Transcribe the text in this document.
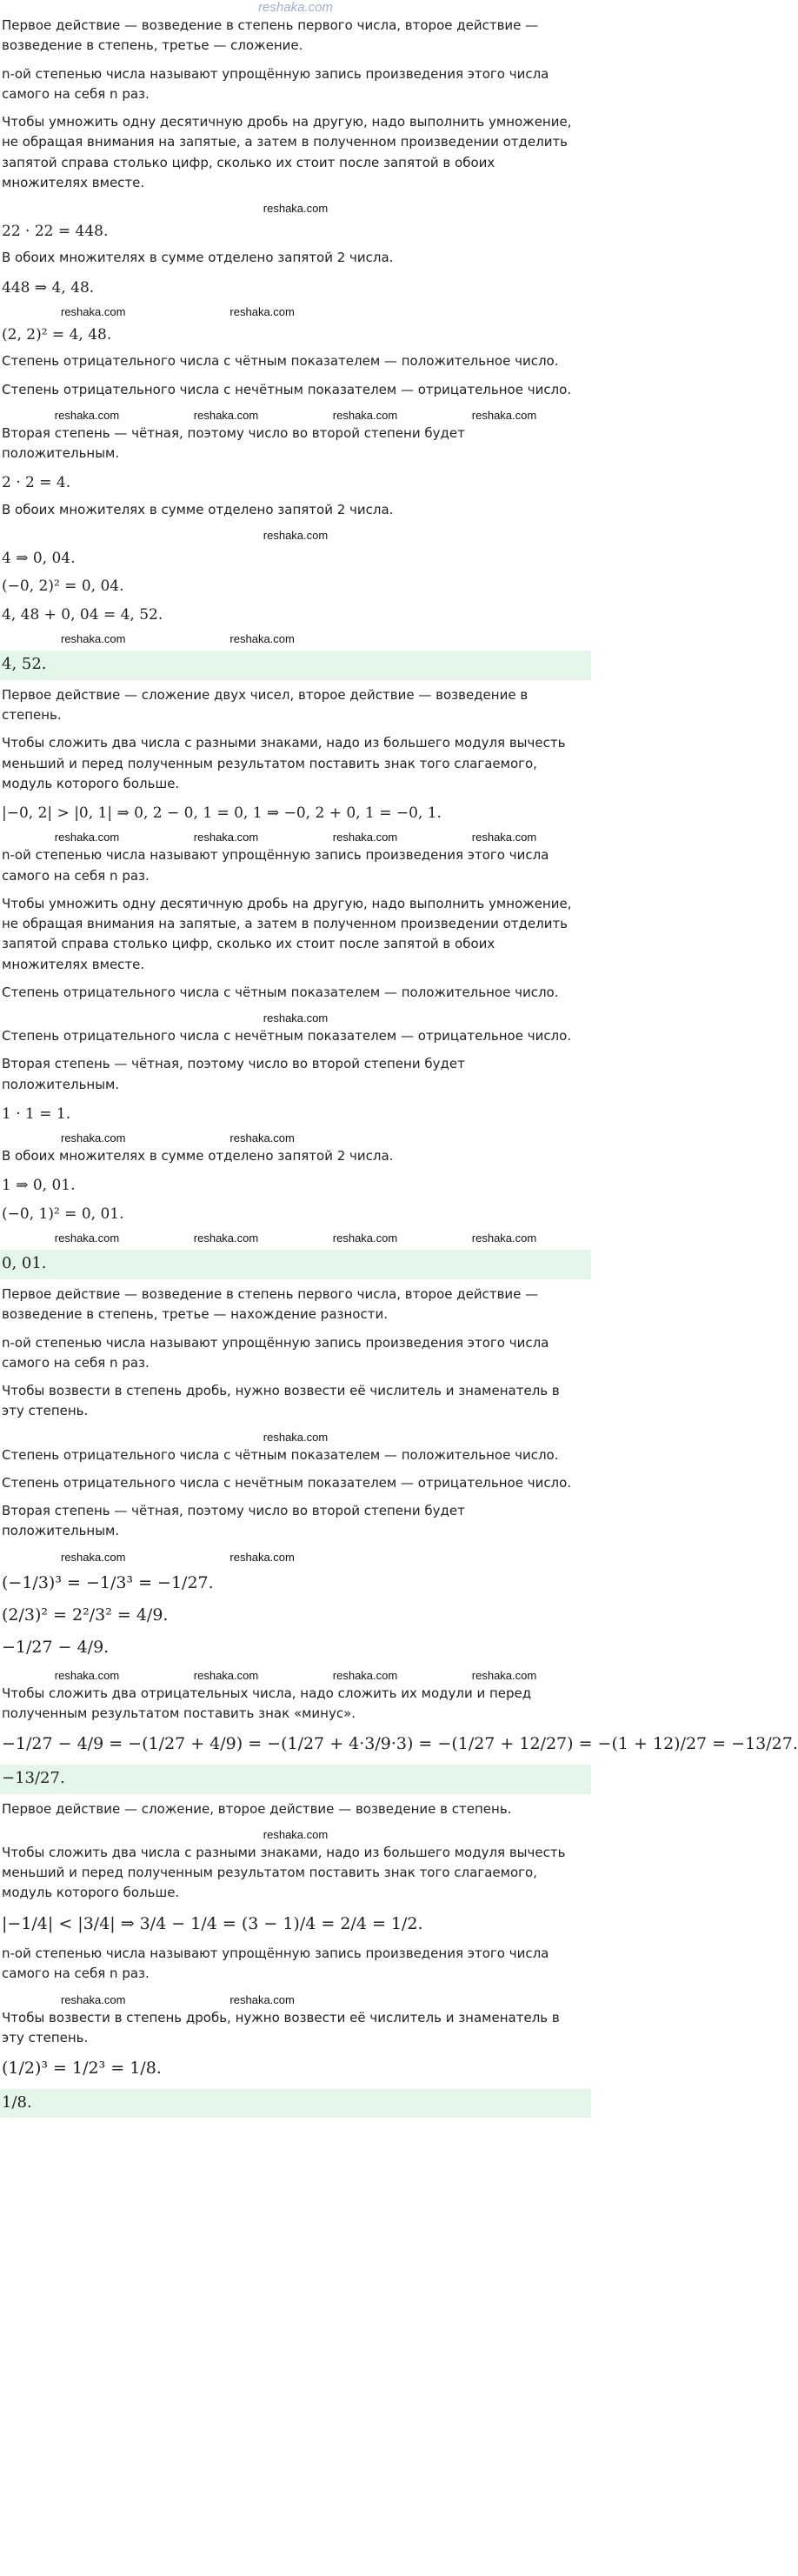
reshaka.com
Первое действие — возведение в степень первого числа, второе действие — возведение в степень, третье — сложение.
n-ой степенью числа называют упрощённую запись произведения этого числа самого на себя n раз.
Чтобы умножить одну десятичную дробь на другую, надо выполнить умножение, не обращая внимания на запятые, а затем в полученном произведении отделить запятой справа столько цифр, сколько их стоит после запятой в обоих множителях вместе.
reshaka.com
22 · 22 = 448.
В обоих множителях в сумме отделено запятой 2 числа.
448 ⇒ 4, 48.
reshaka.com	reshaka.com
(2, 2)² = 4, 48.
Степень отрицательного числа с чётным показателем — положительное число.
Степень отрицательного числа с нечётным показателем — отрицательное число.
reshaka.com	reshaka.com	reshaka.com	reshaka.com
Вторая степень — чётная, поэтому число во второй степени будет положительным.
2 · 2 = 4.
В обоих множителях в сумме отделено запятой 2 числа.
reshaka.com
4 ⇒ 0, 04.
(−0, 2)² = 0, 04.
4, 48 + 0, 04 = 4, 52.
reshaka.com	reshaka.com
4, 52.
Первое действие — сложение двух чисел, второе действие — возведение в степень.
Чтобы сложить два числа с разными знаками, надо из большего модуля вычесть меньший и перед полученным результатом поставить знак того слагаемого, модуль которого больше.
|−0, 2| > |0, 1| ⇒ 0, 2 − 0, 1 = 0, 1 ⇒ −0, 2 + 0, 1 = −0, 1.
reshaka.com	reshaka.com	reshaka.com	reshaka.com
n-ой степенью числа называют упрощённую запись произведения этого числа самого на себя n раз.
Чтобы умножить одну десятичную дробь на другую, надо выполнить умножение, не обращая внимания на запятые, а затем в полученном произведении отделить запятой справа столько цифр, сколько их стоит после запятой в обоих множителях вместе.
Степень отрицательного числа с чётным показателем — положительное число.
reshaka.com
Степень отрицательного числа с нечётным показателем — отрицательное число.
Вторая степень — чётная, поэтому число во второй степени будет положительным.
1 · 1 = 1.
reshaka.com	reshaka.com
В обоих множителях в сумме отделено запятой 2 числа.
1 ⇒ 0, 01.
(−0, 1)² = 0, 01.
reshaka.com	reshaka.com	reshaka.com	reshaka.com
0, 01.
Первое действие — возведение в степень первого числа, второе действие — возведение в степень, третье — нахождение разности.
n-ой степенью числа называют упрощённую запись произведения этого числа самого на себя n раз.
Чтобы возвести в степень дробь, нужно возвести её числитель и знаменатель в эту степень.
reshaka.com
Степень отрицательного числа с чётным показателем — положительное число.
Степень отрицательного числа с нечётным показателем — отрицательное число.
Вторая степень — чётная, поэтому число во второй степени будет положительным.
reshaka.com	reshaka.com
(−1/3)³ = −1/3³ = −1/27.
(2/3)² = 2²/3² = 4/9.
−1/27 − 4/9.
reshaka.com	reshaka.com	reshaka.com	reshaka.com
Чтобы сложить два отрицательных числа, надо сложить их модули и перед полученным результатом поставить знак «минус».
−1/27 − 4/9 = −(1/27 + 4/9) = −(1/27 + 4·3/9·3) = −(1/27 + 12/27) = −(1 + 12)/27 = −13/27.
−13/27.
Первое действие — сложение, второе действие — возведение в степень.
reshaka.com
Чтобы сложить два числа с разными знаками, надо из большего модуля вычесть меньший и перед полученным результатом поставить знак того слагаемого, модуль которого больше.
|−1/4| < |3/4| ⇒ 3/4 − 1/4 = (3 − 1)/4 = 2/4 = 1/2.
n-ой степенью числа называют упрощённую запись произведения этого числа самого на себя n раз.
reshaka.com	reshaka.com
Чтобы возвести в степень дробь, нужно возвести её числитель и знаменатель в эту степень.
(1/2)³ = 1/2³ = 1/8.
1/8.
